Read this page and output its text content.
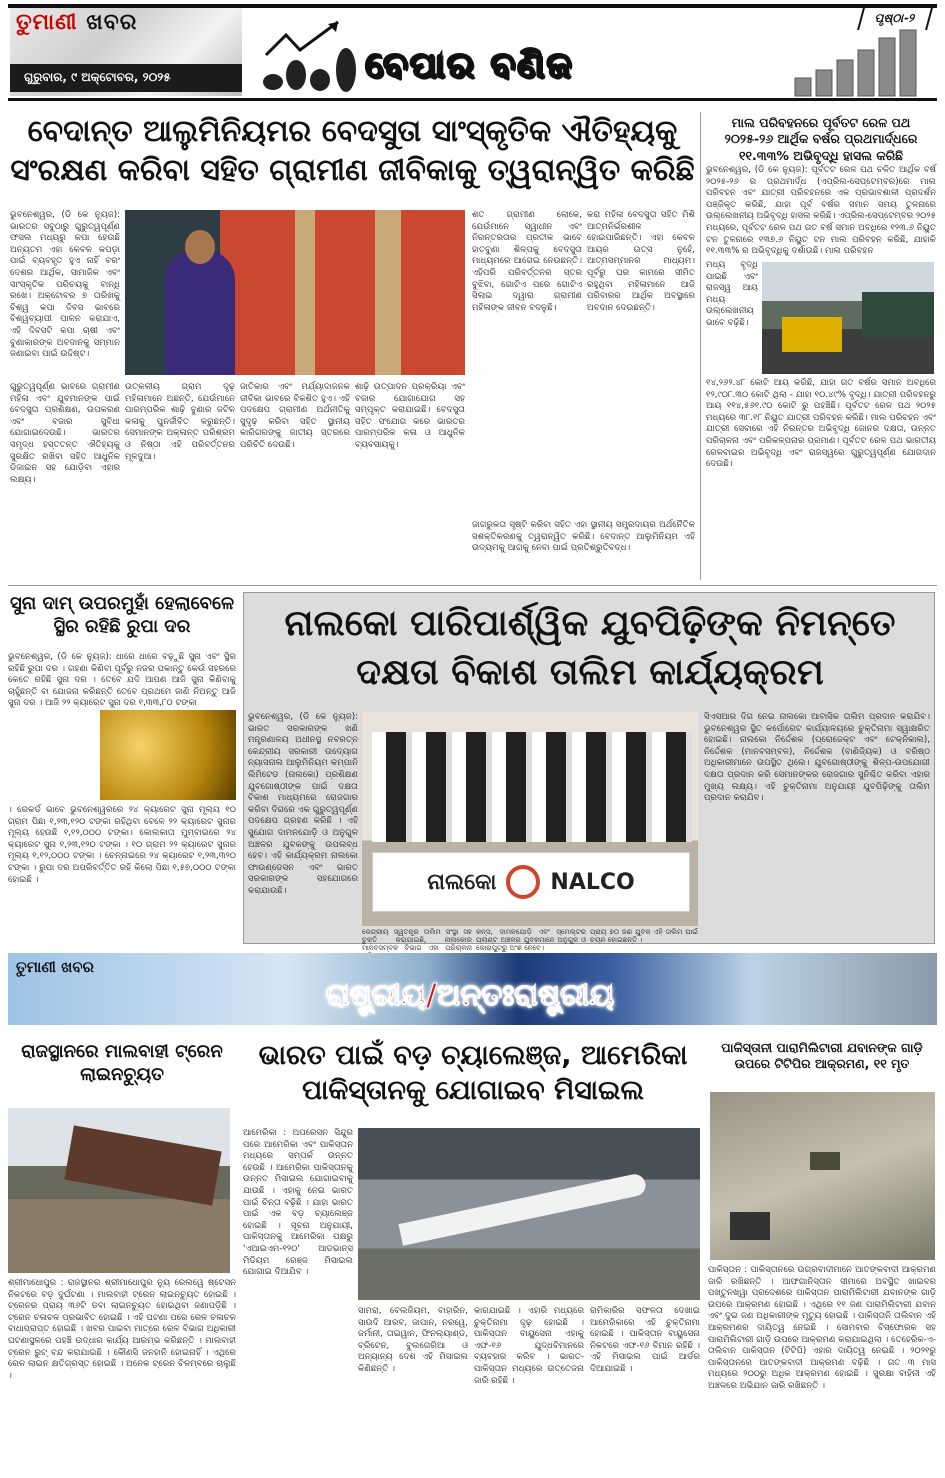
ତୁମାଣୀ ଖବର
ଗୁରୁବାର, ୯ ଅକ୍ଟୋବର, ୨୦୨୫	ବେପାର ବଣିଜ
ପୃଷ୍ଠା-୨
ବେଦାନ୍ତ ଆଲୁମିନିୟମର ବେଦସୁତା ସାଂସ୍କୃତିକ ଐତିହ୍ୟକୁ
ସଂରକ୍ଷଣ କରିବା ସହିତ ଗ୍ରାମୀଣ ଜୀବିକାକୁ ତ୍ୱରାନ୍ୱିତ କରିଛି
ଭୁବନେଶ୍ୱର, (ଡି କେ ନ୍ୟୁଜ): ଭାରତର ସବୁଠାରୁ ଗୁରୁତ୍ୱପୂର୍ଣ୍ଣ ଫସଲ ମଧ୍ୟରୁ କପା ହେଉଛି ଅନ୍ୟତମ ଏହା କେବଳ କପଡ଼ା ପାଇଁ ବ୍ୟବହୃତ ହୁଏ ନାହିଁ ବରଂ ଦେଶର ଆର୍ଥିକ, ସାମାଜିକ ଏବଂ ସାଂସ୍କୃତିକ ପରିଚୟକୁ ବାନ୍ଧି ରଖେ। ଅକ୍ଟୋବର ୭ ତାରିଖକୁ ବିଶ୍ୱ କପା ଦିବସ ଭାବରେ ବିଶ୍ୱବ୍ୟାପୀ ପାଳନ କରାଯାଏ, ଏହି ଦିବସଟି କପା ଚାଷୀ ଏବଂ ବୁଣାକାରଙ୍କ ଅବଦାନକୁ ସମ୍ମାନ ଜଣାଇବା ପାଇଁ ଉଦ୍ଦିଷ୍ଟ।
ଶତ ଗ୍ରାମୀଣ ଲୋକେ, ଯେଉଁମାନେ ସ୍ୱାଧୀନ ଏବଂ ନିରନ୍ତରତାର ପ୍ରତୀକ ଭାବେ ହାତବୁଣା ଶିଳ୍ପକୁ ବେଦସୁତା ମାଧ୍ୟମରେ ଆଗେଇ ନେଉଛନ୍ତି। ଏହିପରି ପରିବର୍ତ୍ତନର ସ୍ତର ବୁଝିବା, ଗୋଟିଏ ପରେ ଗୋଟିଏ ସିଲାଇ ଦ୍ୱାରା ଗ୍ରାମୀଣ ମହିଳାଙ୍କ ଜୀବନ ବଦଳୁଛି।
କରା ମହିଳା ବେଦସୁତା ସହିତ ମିଶି ଆତ୍ମନିର୍ଭରଶୀଳ ହୋଇପାରିଛନ୍ତି। ଏହା କେବଳ ଆୟର ଉତ୍ସ ନୁହେଁ, ଆତ୍ମସମ୍ମାନର ମାଧ୍ୟମ। ପୂର୍ବରୁ ଘର କାମରେ ସୀମିତ ରହୁଥିବା ମହିଳାମାନେ ଆଜି ପରିବାରର ଆର୍ଥିକ ଅବସ୍ଥାରେ ଅବଦାନ ଦେଉଛନ୍ତି।
ଗୁରୁତ୍ୱପୂର୍ଣ୍ଣ ଭାବରେ ଗ୍ରାମୀଣ ମହିଳା ଏବଂ ଯୁବମାନଙ୍କ ପାଇଁ ବେଦସୁତା ପ୍ରଶିକ୍ଷଣ, ଉପକରଣ ଏବଂ ବଜାର ସୁବିଧା ଯୋଗାଇଦେଉଛି। ଭାରତର ସମୃଦ୍ଧ ହସ୍ତତନ୍ତ ଐତିହ୍ୟକୁ ସୁରକ୍ଷିତ ରଖିବା ସହିତ ଆଧୁନିକ ଡିଜାଇନ ସହ ଯୋଡ଼ିବା ଏହାର ଲକ୍ଷ୍ୟ।
ଉତ୍କଳୀୟ ଗ୍ରାମ ଦୃଢ଼ ମହିଳାମାନେ ଅଛନ୍ତି, ଯେଉଁମାନେ ପାରମ୍ପରିକ ଶାଢ଼ି ବୁଣାର ଜଟିଳ କଳାକୁ ପୁନର୍ଜୀବିତ କରୁଛନ୍ତି। ସେମାନଙ୍କ ଅକ୍ଳାନ୍ତ ପରିଶ୍ରମ ଓ ନିଷ୍ଠା ଏହି ପରିବର୍ତ୍ତନର ମୂଳଦୁଆ।
ଜାତିକାର ଏବଂ ମର୍ଯ୍ୟାଦାଜନକ ଜୀବିକା ଭାବରେ ବିକଶିତ ହୁଏ। ଏହି ପଦକ୍ଷେପ ଗ୍ରାମୀଣ ଅର୍ଥନୀତିକୁ ସୁଦୃଢ଼ କରିବା ସହିତ ସ୍ଥାନୀୟ କାରିଗରଙ୍କୁ ଜାତୀୟ ସ୍ତରରେ ପରିଚିତି ଦେଉଛି।
ଶାଢ଼ି ଉତ୍ପାଦନ ପ୍ରକ୍ରିୟା ଏବଂ ବଜାର ଯୋଗାଯୋଗ ସହ ସମ୍ପୃକ୍ତ କରାଯାଇଛି। ବେଦସୁତା ସହିତ ସଂଯୋଗ କରେ ଭାରତର ପାରମ୍ପରିକ କଳା ଓ ଆଧୁନିକ ବ୍ୟବସାୟକୁ।
ମାଲ ପରିବହନରେ ପୂର୍ବତଟ ରେଳ ପଥ ୨୦୨୫-୨୬ ଆର୍ଥିକ ବର୍ଷର ପ୍ରଥମାର୍ଦ୍ଧରେ ୧୧.୩୩% ଅଭିବୃଦ୍ଧି ହାସଲ କରିଛି
ଭୁବନେଶ୍ୱର, (ଡି କେ ନ୍ୟୁଜ): ପୂର୍ବତଟ ରେଳ ପଥ ଚଳିତ ଆର୍ଥିକ ବର୍ଷ ୨୦୨୫-୨୬ ର ପ୍ରଥମାର୍ଦ୍ଧ (ଏପ୍ରିଲ-ସେପ୍ଟେମ୍ବର)ରେ ମାଲ ପରିବହନ ଏବଂ ଯାତ୍ରୀ ପରିବହନରେ ଏକ ପ୍ରଭାବଶାଳୀ ପ୍ରଦର୍ଶନ ପଞ୍ଜିକୃତ କରିଛି, ଯାହା ପୂର୍ବ ବର୍ଷର ସମାନ ସମୟ ତୁଳନାରେ ଉଲ୍ଲେଖନୀୟ ଅଭିବୃଦ୍ଧି ହାସଲ କରିଛି। ଏପ୍ରିଲ-ସେପ୍ଟେମ୍ବର ୨୦୨୫ ମଧ୍ୟରେ, ପୂର୍ବତଟ ରେଳ ପଥ ଗତ ବର୍ଷ ସମାନ ଅବଧିରେ ୧୨୩.୬ ନିୟୁତ ଟନ ତୁଳନାରେ ୧୩୭.୬ ନିୟୁତ ଟନ ମାଲ ପରିବହନ କରିଛି, ଯାହାକି ୧୧.୩୩% ର ଅଭିବୃଦ୍ଧିକୁ ଦର୍ଶାଉଛି। ମାଲ ପରିବହନ
ମଧ୍ୟ ବୃଦ୍ଧି ପାଇଛି ଏବଂ ରାଜସ୍ୱ ଆୟ ମଧ୍ୟ ଉଲ୍ଲେଖନୀୟ ଭାବେ ବଢ଼ିଛି।
୧୪,୨୬୨.୪୮ କୋଟି ଆୟ କରିଛି, ଯାହା ଗତ ବର୍ଷର ସମାନ ଅବଧିରେ ୧୨,୯୦୮.୩୦ କୋଟି ଥିଲା - ଯାହା ୧୦.୪୯% ବୃଦ୍ଧି। ଯାତ୍ରୀ ପରିବହନରୁ ଆୟ ୧୧୪,୫୬୧.୯୦ କୋଟି ରୁ ପହଞ୍ଚିଛି। ପୂର୍ବତଟ ରେଳ ପଥ ୨୦୨୫ ମଧ୍ୟରେ ୩୮.୧୮ ନିୟୁତ ଯାତ୍ରୀ ପରିବହନ କରିଛି। ମାଲ ପରିବହନ ଏବଂ ଯାତ୍ରୀ ସେବାରେ ଏହି ନିରନ୍ତର ଅଭିବୃଦ୍ଧି ଜୋନର ଦକ୍ଷତା, ଉନ୍ନତ ପରିଚାଳନା ଏବଂ ପରିକଳ୍ପନାର ପ୍ରମାଣ। ପୂର୍ବତଟ ରେଳ ପଥ ଭାରତୀୟ ରେଳବାଇର ଅଭିବୃଦ୍ଧି ଏବଂ ରାଜସ୍ୱରେ ଗୁରୁତ୍ୱପୂର୍ଣ୍ଣ ଯୋଗଦାନ ଦେଉଛି।
ଜାଗରୁକତା ସୃଷ୍ଟି କରିବା ସହିତ ଏହା ସ୍ଥାନୀୟ ସମ୍ପ୍ରଦାୟର ଅର୍ଥନୈତିକ ସଶକ୍ତିକରଣକୁ ତ୍ୱରାନ୍ୱିତ କରିଛି। ବେଦାନ୍ତ ଆଲୁମିନିୟମ ଏହି ଉଦ୍ୟମକୁ ଆଗକୁ ନେବା ପାଇଁ ପ୍ରତିଶ୍ରୁତିବଦ୍ଧ।
ସୁନା ଦାମ୍ ଉପରମୁହାଁ ହେଲାବେଳେ ସ୍ଥିର ରହିଛି ରୁପା ଦର
ଭୁବନେଶ୍ୱର, (ଡି କେ ନ୍ୟୁଜ): ଧାରେ ଧାରେ ବଢ଼ୁଛି ସୁନା ଏବଂ ସ୍ଥିର ରହିଛି ରୁପା ଦର । ଗହଣା କିଣିବା ପୂର୍ବରୁ ନଜର ପକାନ୍ତୁ କେଉଁ ସହରରେ କେତେ ରହିଛି ସୁନା ଦର । ତେବେ ଯଦି ଆପଣ ଆଜି ସୁନା କିଣିବାକୁ ଚାହୁଁଛନ୍ତି ବା ଯୋଜନା କରିଛନ୍ତି ତେବେ ପ୍ରଥମେ ଜାଣି ନିଅନ୍ତୁ ଆଜି ସୁନା ଦର । ଆଜି ୨୨ କ୍ୟାରେଟ ସୁନା ଦର ୧,୩୩,୮୦ ଟଙ୍କା
। ରେକର୍ଡ ଭାବେ ଭୁବନେଶ୍ୱରରେ ୨୪ କ୍ୟାରେଟ ସୁନା ମୂଲ୍ୟ ୧୦ ଗ୍ରାମ ପିଛା ୧,୨୩,୧୨୦ ଟଙ୍କା ରହିଥିବା ବେଳେ ୨୨ କ୍ୟାରେଟ ସୁନାର ମୂଲ୍ୟ ହେଉଛି ୧,୧୨,୦୦୦ ଟଙ୍କା। କୋଲକାତା ମୁମ୍ବାଇରେ ୨୪ କ୍ୟାରେଟ ସୁନା ୧,୨୩,୧୨୦ ଟଙ୍କା । ୧୦ ଗ୍ରାମ ୨୨ କ୍ୟାରେଟ ସୁନାର ମୂଲ୍ୟ ୧,୧୨,୦୦୦ ଟଙ୍କା । ଚେନ୍ନାଇରେ ୨୪ କ୍ୟାରେଟ ୧,୨୩,୩୨୦ ଟଙ୍କା । ରୁପା ଦର ଅପରିବର୍ତ୍ତିତ ରହି କିଲୋ ପିଛା ୧,୫୭,୦୦୦ ଟଙ୍କା ହୋଇଛି ।
ନାଲକୋ ପାରିପାର୍ଶ୍ୱିକ ଯୁବପିଢ଼ିଙ୍କ ନିମନ୍ତେ
ଦକ୍ଷତା ବିକାଶ ତାଲିମ କାର୍ଯ୍ୟକ୍ରମ
ଭୁବନେଶ୍ୱର, (ଡି କେ ନ୍ୟୁଜ): ଭାରତ ସରକାରଙ୍କ ଖଣି ମନ୍ତ୍ରଣାଳୟ ଅଧୀନସ୍ଥ ନବରତ୍ନ କେନ୍ଦ୍ରୀୟ ସରକାରୀ ଉଦ୍ୟୋଗ ନ୍ୟାସନାଲ ଆଲୁମିନିୟମ କମ୍ପାନି ଲିମିଟେଡ (ନାଲକୋ) ପ୍ରଶିକ୍ଷଣ ଯୁବଗୋଷ୍ଠୀଙ୍କ ପାଇଁ ଦକ୍ଷତା ବିକାଶ ମାଧ୍ୟମରେ ରୋଜଗାର କରିବା ଦିଗରେ ଏକ ଗୁରୁତ୍ୱପୂର୍ଣ୍ଣ ପଦକ୍ଷେପ ଗ୍ରହଣ କରିଛି । ଏହି ସୁଯୋଗ ଦାମନଯୋଡ଼ି ଓ ଅନୁଗୁଳ ଅଞ୍ଚଳର ଯୁବକଙ୍କୁ ଉପଲବ୍ଧ ହେବ। ଏହି କାର୍ଯ୍ୟକ୍ରମ ନାଲକୋ ଫାଉଣ୍ଡେସନ ଏବଂ ଭାରତ ସରକାରଙ୍କ ସହଯୋଗରେ କରାଯାଉଛି।	ନାଲକୋ NALCO
ସିଏସଆର ଦିଗ ନେଇ ନାଲକୋ ଆବାସିକ ତାଲିମ ପ୍ରଦାନ କରାଯିବ। ଭୁବନେଶ୍ୱର ସ୍ଥିତ କର୍ପୋରେଟ କାର୍ଯ୍ୟାଳୟରେ ଚୁକ୍ତିନାମା ସ୍ୱାକ୍ଷରିତ ହୋଇଛି। ନାଲକୋ ନିର୍ଦ୍ଦେଶକ (ପ୍ରୋଜେକ୍ଟ ଏବଂ ଟେକ୍ନିକାଲ), ନିର୍ଦ୍ଦେଶକ (ମାନବସମ୍ବଳ), ନିର୍ଦ୍ଦେଶକ (ବାଣିଜ୍ୟିକ) ଓ ବରିଷ୍ଠ ଅଧିକାରୀମାନେ ଉପସ୍ଥିତ ଥିଲେ। ଯୁବଗୋଷ୍ଠୀଙ୍କୁ ଶିଳ୍ପ-ଉପଯୋଗୀ ଦକ୍ଷତା ପ୍ରଦାନ କରି ସେମାନଙ୍କର ରୋଜଗାର ସୁନିଶ୍ଚିତ କରିବା ଏହାର ମୁଖ୍ୟ ଲକ୍ଷ୍ୟ। ଏହି ଚୁକ୍ତିନାମା ଅନୁଯାୟୀ ଯୁବପିଢ଼ିଙ୍କୁ ତାଲିମ ପ୍ରଦାନ କରାଯିବ।
କେନ୍ଦ୍ରୀୟ ସ୍ୱତନ୍ତ୍ର ତାଲିମ ସଂସ୍ଥା ସହ ଚୁକ୍ତି କରାଯାଇଛି, ନାଲକୋର ମାନବସମ୍ବଳ ବିଭାଗ ଏହା ପରିଚାଳନା
କନ୍ସ, ଦାମନଯୋଡ଼ି ଏବଂ ସ୍ମେଲ୍ଟର ପ୍ଲାଣ୍ଟ ଅଞ୍ଚଳର ଯୁବକମାନେ ଅନୁଗୁଳ ଓ କୋରାପୁଟରୁ ଅଂଶ ନେବେ।
ପ୍ରାୟ ୭୦ ଜଣ ଯୁବକ ଏହି ତାଲିମ ପାଇଁ ଚୟନ ହୋଇଛନ୍ତି ।
ତୁମାଣୀ ଖବର
ରାଷ୍ଟ୍ରୀୟ/ଅନ୍ତଃରାଷ୍ଟ୍ରୀୟ
ରାଜସ୍ଥାନରେ ମାଲବାହୀ ଟ୍ରେନ ଲାଇନଚ୍ୟୁତ
ଶ୍ରୀମାଧୋପୁର : ରାଜସ୍ଥାନର ଶ୍ରୀମାଧୋପୁର ନ୍ୟୁ ରେଲୱେ ଷ୍ଟେସନ ନିକଟରେ ବଡ଼ ଦୁର୍ଘଟଣା । ମାଲବାହୀ ଟ୍ରେନ ଲାଇନଚ୍ୟୁତ ହୋଇଛି । ଟ୍ରେନର ପ୍ରାୟ ୩୬ଟି ଡବା ଲାଇନଚ୍ୟୁତ ହୋଇଥିବା ଜଣାପଡ଼ିଛି । ଟ୍ରେନ ଚଳାଚଳ ପ୍ରଭାବିତ ହୋଇଛି । ଏହି ଘଟଣା ପରେ ରେଳ ଚଳାଚଳ ବାଧାପ୍ରାପ୍ତ ହୋଇଛି । ଖବର ପାଇବା ମାତ୍ରେ ରେଳ ବିଭାଗ ଅଧିକାରୀ ଘଟଣାସ୍ଥଳରେ ପହଞ୍ଚି ଉଦ୍ଧାର କାର୍ଯ୍ୟ ଆରମ୍ଭ କରିଛନ୍ତି । ମାଲବାହୀ ଟ୍ରେନ ରୁଟ୍ ବନ୍ଦ କରାଯାଇଛି । କୌଣସି ଜନହାନି ହୋଇନାହିଁ । ଏଥିରେ ରେଳ ଲାଇନ କ୍ଷତିଗ୍ରସ୍ତ ହୋଇଛି । ଅନେକ ଟ୍ରେନ ବିଳମ୍ବରେ ଚାଲୁଛି ।
ଭାରତ ପାଇଁ ବଡ଼ ଚ୍ୟାଲେଞ୍ଜ, ଆମେରିକା
ପାକିସ୍ତାନକୁ ଯୋଗାଇବ ମିସାଇଲ
ଆମେରିକା : ଅପରେସନ ସିନ୍ଦୁର ପରେ ଆମେରିକା ଏବଂ ପାକିସ୍ତାନ ମଧ୍ୟରେ ସମ୍ପର୍କ ଉନ୍ନତ ହେଉଛି । ଆମେରିକା ପାକିସ୍ତାନକୁ ଉନ୍ନତ ମିସାଇଲ ଯୋଗାଇବାକୁ ଯାଉଛି । ଏହାକୁ ନେଇ ଭାରତ ପାଇଁ ଚିନ୍ତା ବଢ଼ିଛି । ଯାହା ଭାରତ ପାଇଁ ଏକ ବଡ଼ ଚ୍ୟାଲେଞ୍ଜ ହୋଇଛି । ସୂଚନା ଅନୁଯାୟୀ, ପାକିସ୍ତାନକୁ ଆମେରିକା ପକ୍ଷରୁ 'ଏଆଇଏମ-୧୨୦' ଆଡଭାନ୍ସ ମିଡିୟମ ରେଞ୍ଜ ମିସାଇଲ ଯୋଗାଇ ଦିଆଯିବ ।
ସାମରା, ବେଲଜିୟମ, ବାହାରିନ, ସାଉଦି ଆରବ, ଜାପାନ, ନରୱେ, ଜର୍ମାନୀ, ତାଇୱାନ, ଫିନଲ୍ୟାଣ୍ଡ, ବ୍ରିଟେନ, ବୁଲଗେରିଆ ଓ ଅନ୍ୟାନ୍ୟ ଦେଶ ଏହି ମିସାଇଲ କିଣିଛନ୍ତି ।
କାରଯାଇଛି । ଏହାରି ମଧ୍ୟରେ ଚୁକ୍ତିନାମା ଦୃଢ଼ ହୋଇଛି । ପାକିସ୍ତାନ ବାୟୁସେନା ଏହାକୁ ଏଫ-୧୬ ଯୁଦ୍ଧବିମାନରେ ବ୍ୟବହାର କରିବ । ଭାରତ-ପାକିସ୍ତାନ ମଧ୍ୟରେ ଉତ୍ତେଜନା ଜାରି ରହିଛି ।
ରାମିକାରିର ସଫଳତା ଦେଖାଇ ଆମେରିକାରେ ଏହି ଚୁକ୍ତିନାମା ହୋଇଛି । ପାକିସ୍ତାନ ବାୟୁସେନା ନିକଟରେ ଏଫ-୧୬ ବିମାନ ରହିଛି । ଏହି ମିସାଇଲ ପାଇଁ ଆର୍ଡର ଦିଆଯାଇଛି ।
ପାକିସ୍ତାନୀ ପାରାମିଲିଟାରୀ ଯବାନଙ୍କ ଗାଡ଼ି ଉପରେ ଟିଟିପିର ଆକ୍ରମଣ, ୧୧ ମୃତ
ପାକିସ୍ତାନ : ପାକିସ୍ତାନରେ ଉଗ୍ରବାଦୀମାନେ ଆତଙ୍କବାଦୀ ଆକ୍ରମଣ ଜାରି ରଖିଛନ୍ତି । ଆଫଗାନିସ୍ତାନ ସୀମାରେ ଅବସ୍ଥିତ ଖାଇବର ପଖ୍ତୁନଖ୍ୱା ପ୍ରଦେଶରେ ପାକିସ୍ତାନ ପାରାମିଲିଟାରୀ ଯବାନଙ୍କ ଗାଡ଼ି ଉପରେ ଆକ୍ରମଣ ହୋଇଛି । ଏଥିରେ ୧୧ ଜଣ ପାରାମିଲିଟାରୀ ଯବାନ ଏବଂ ଦୁଇ ଜଣ ଅଧିକାରୀଙ୍କ ମୃତ୍ୟୁ ହୋଇଛି । ପାକିସ୍ତାନି ତାଲିବାନ ଏହି ଆକ୍ରମଣର ଦାୟିତ୍ୱ ନେଇଛି । ସୋମବାର ବିସ୍ଫୋରକ ସହ ପାରାମିଲିଟାରୀ ଗାଡ଼ି ଉପରେ ଆକ୍ରମଣ କରାଯାଇଥିଲା । ତେହେରିକ-ଏ-ତାଲିବାନ ପାକିସ୍ତାନ (ଟିଟିପି) ଏହାର ଦାୟିତ୍ୱ ନେଇଛି । ୨୦୨୧ରୁ ପାକିସ୍ତାନରେ ଆତଙ୍କବାଦୀ ଆକ୍ରମଣ ବଢ଼ିଛି । ଗତ ୩ ମାସ ମଧ୍ୟରେ ୨୦୦ରୁ ଅଧିକ ଆକ୍ରମଣ ହୋଇଛି । ସୁରକ୍ଷା ବାହିନୀ ଏହି ଅଞ୍ଚଳରେ ଅଭିଯାନ ଜାରି ରଖିଛନ୍ତି ।
